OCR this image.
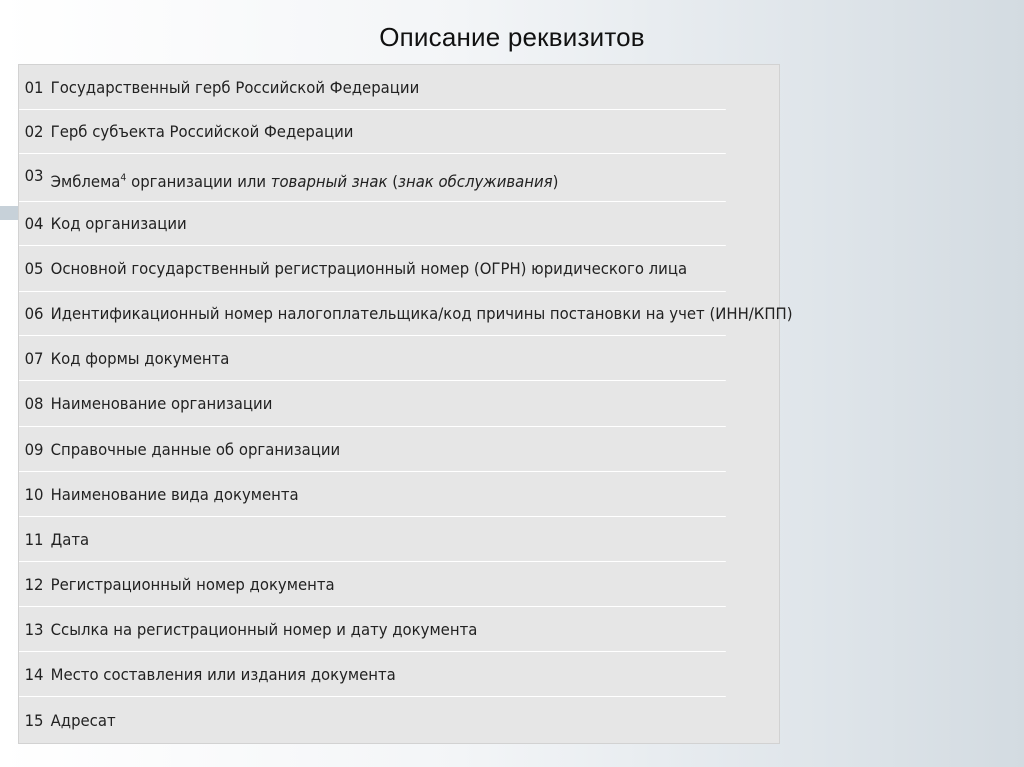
Описание реквизитов
01 Государственный герб Российской Федерации
02 Герб субъекта Российской Федерации
03 Эмблема$^4$ организации или товарный знак (знак обслуживания)
04 Код организации
05 Основной государственный регистрационный номер (ОГРН) юридического лица
06 Идентификационный номер налогоплательщика/код причины постановки на учет (ИНН/КПП)
07 Код формы документа
08 Наименование организации
09 Справочные данные об организации
10 Наименование вида документа
11 Дата
12 Регистрационный номер документа
13 Ссылка на регистрационный номер и дату документа
14 Место составления или издания документа
15 Адресат
